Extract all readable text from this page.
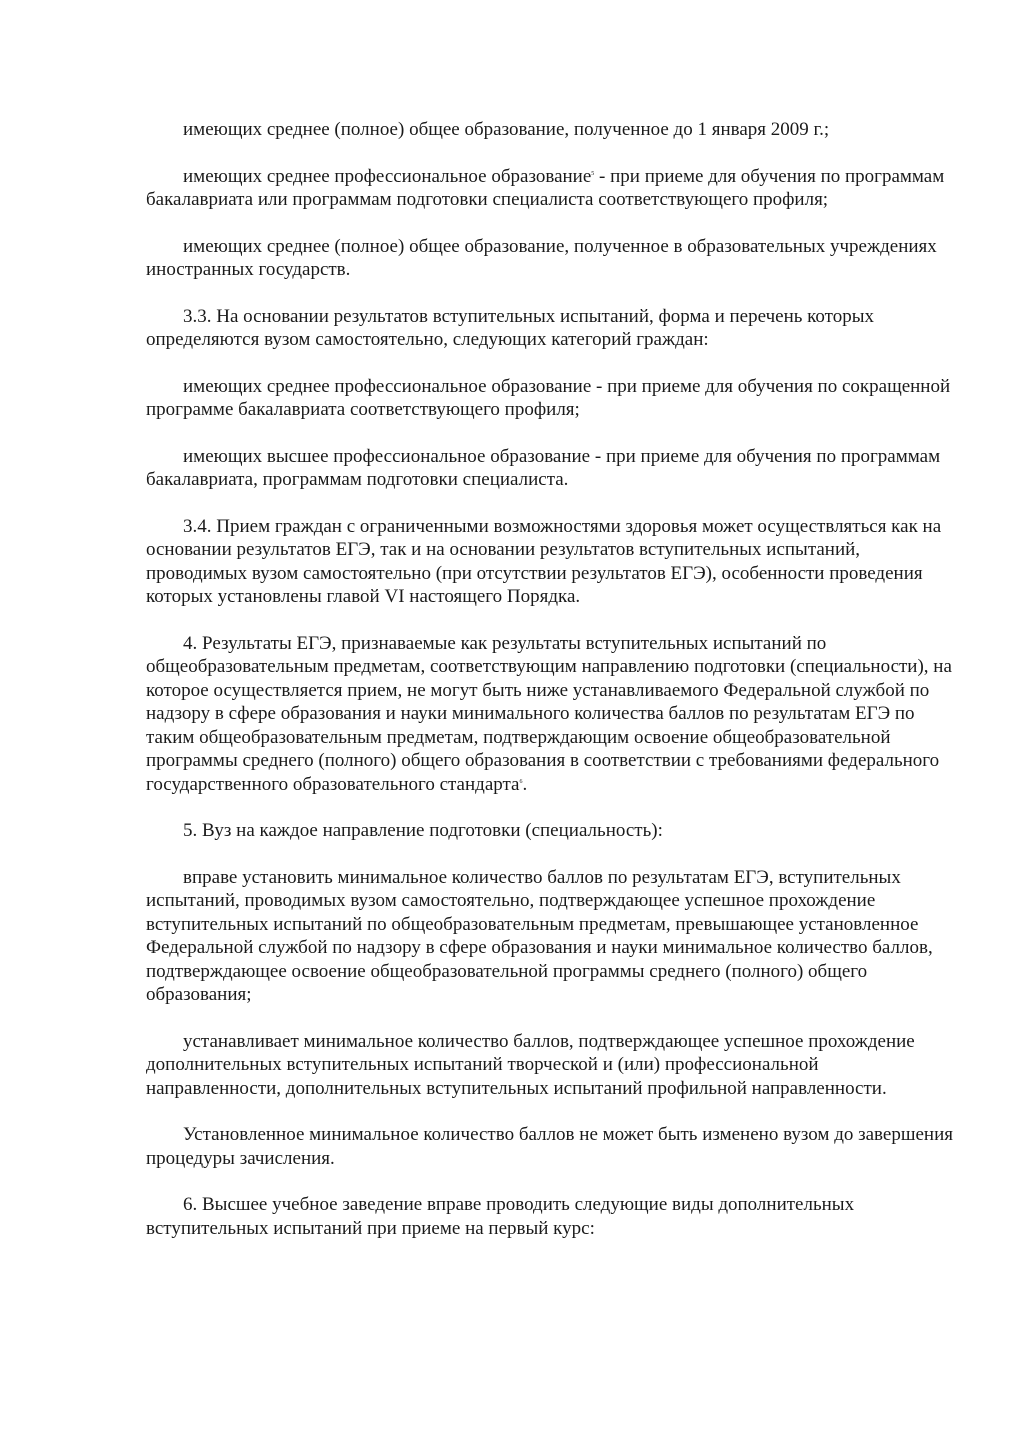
имеющих среднее (полное) общее образование, полученное до 1 января 2009 г.;

имеющих среднее профессиональное образование$^5$ - при приеме для обучения по программам бакалавриата или программам подготовки специалиста соответствующего профиля;

имеющих среднее (полное) общее образование, полученное в образовательных учреждениях иностранных государств.

3.3. На основании результатов вступительных испытаний, форма и перечень которых определяются вузом самостоятельно, следующих категорий граждан:

имеющих среднее профессиональное образование - при приеме для обучения по сокращенной программе бакалавриата соответствующего профиля;

имеющих высшее профессиональное образование - при приеме для обучения по программам бакалавриата, программам подготовки специалиста.

3.4. Прием граждан с ограниченными возможностями здоровья может осуществляться как на основании результатов ЕГЭ, так и на основании результатов вступительных испытаний, проводимых вузом самостоятельно (при отсутствии результатов ЕГЭ), особенности проведения которых установлены главой VI настоящего Порядка.

4. Результаты ЕГЭ, признаваемые как результаты вступительных испытаний по общеобразовательным предметам, соответствующим направлению подготовки (специальности), на которое осуществляется прием, не могут быть ниже устанавливаемого Федеральной службой по надзору в сфере образования и науки минимального количества баллов по результатам ЕГЭ по таким общеобразовательным предметам, подтверждающим освоение общеобразовательной программы среднего (полного) общего образования в соответствии с требованиями федерального государственного образовательного стандарта$^6$.

5. Вуз на каждое направление подготовки (специальность):

вправе установить минимальное количество баллов по результатам ЕГЭ, вступительных испытаний, проводимых вузом самостоятельно, подтверждающее успешное прохождение вступительных испытаний по общеобразовательным предметам, превышающее установленное Федеральной службой по надзору в сфере образования и науки минимальное количество баллов, подтверждающее освоение общеобразовательной программы среднего (полного) общего образования;

устанавливает минимальное количество баллов, подтверждающее успешное прохождение дополнительных вступительных испытаний творческой и (или) профессиональной направленности, дополнительных вступительных испытаний профильной направленности.

Установленное минимальное количество баллов не может быть изменено вузом до завершения процедуры зачисления.

6. Высшее учебное заведение вправе проводить следующие виды дополнительных вступительных испытаний при приеме на первый курс:
